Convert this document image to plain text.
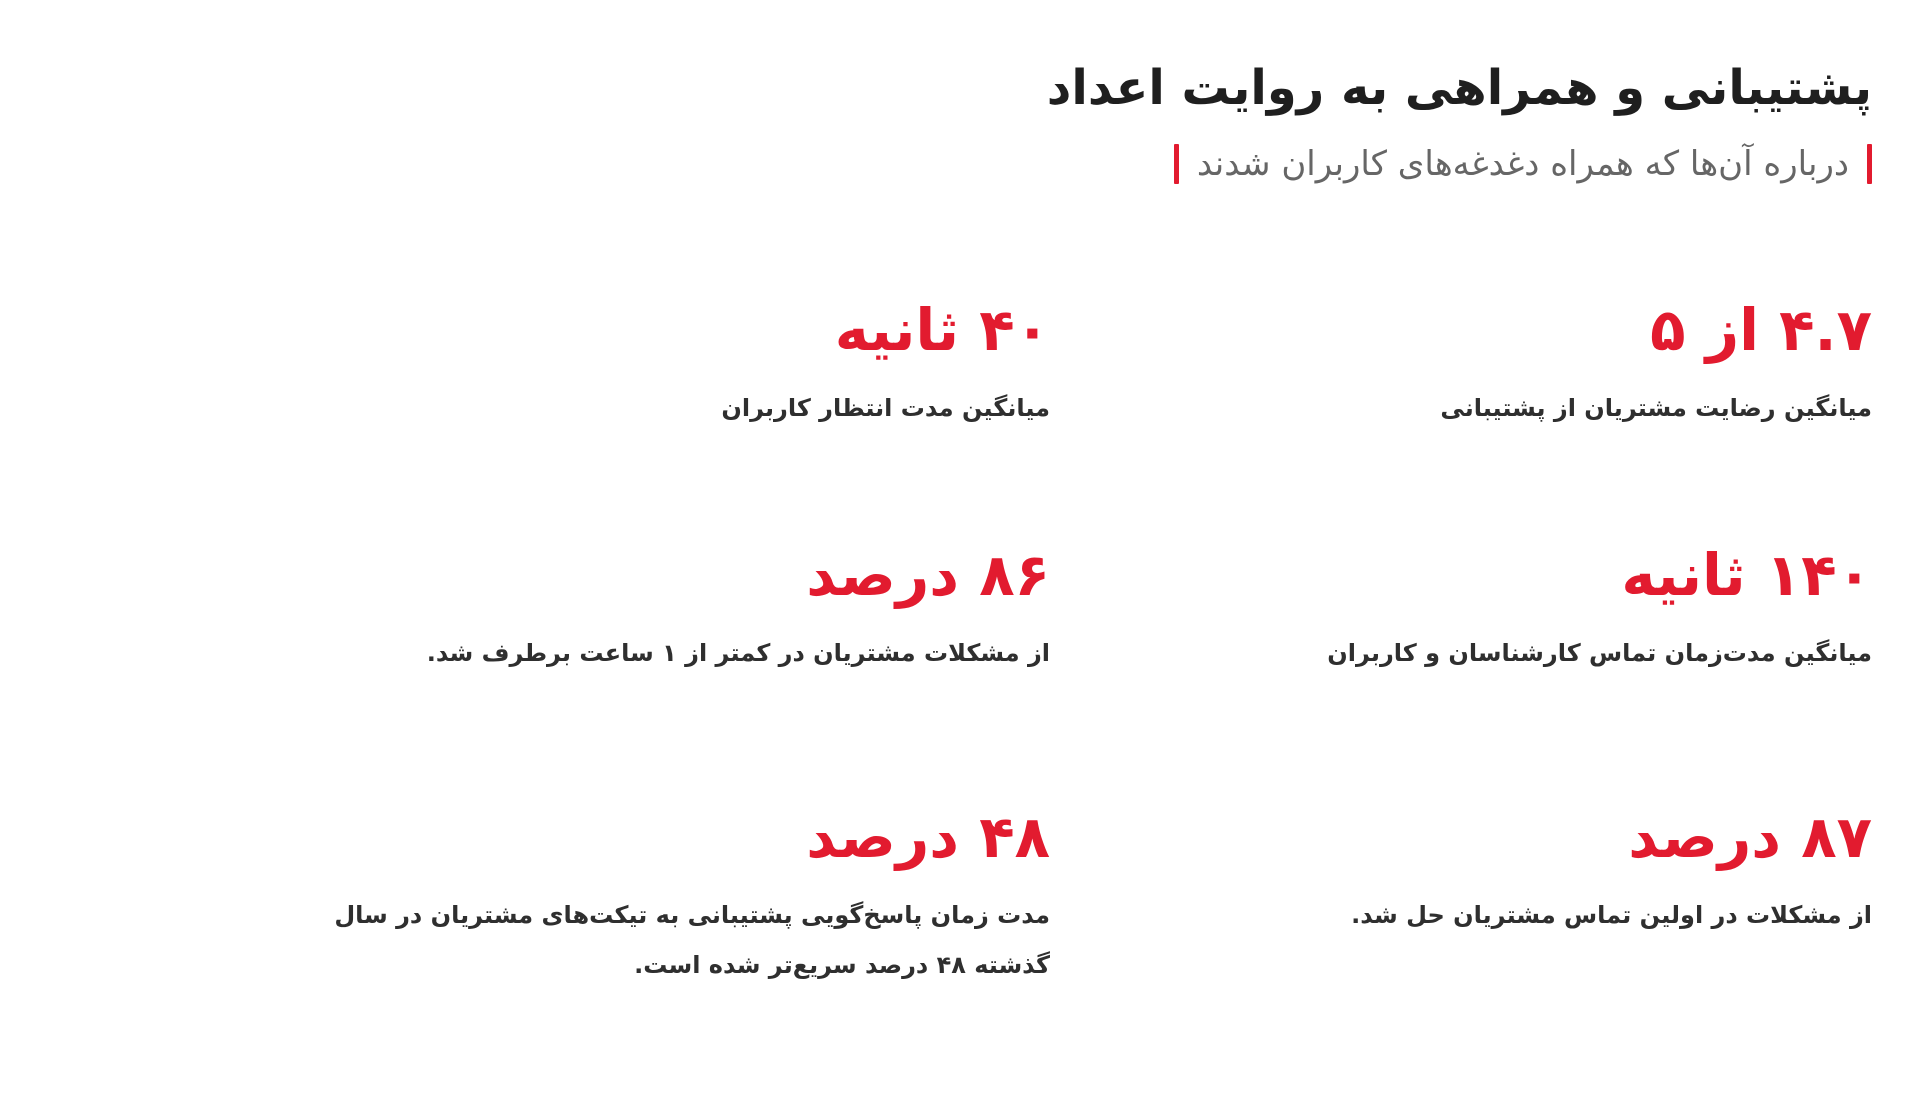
پشتیبانی و همراهی به روایت اعداد
درباره آن‌ها که همراه دغدغه‌های کاربران شدند
۴.۷ از ۵
میانگین رضایت مشتریان از پشتیبانی
۴۰ ثانیه
میانگین مدت انتظار کاربران
۱۴۰ ثانیه
میانگین مدت‌زمان تماس کارشناسان و کاربران
۸۶ درصد
از مشکلات مشتریان در کمتر از ۱ ساعت برطرف شد.
۸۷ درصد
از مشکلات در اولین تماس مشتریان حل شد.
۴۸ درصد
مدت زمان پاسخ‌گویی پشتیبانی به تیکت‌های مشتریان در سال گذشته ۴۸ درصد سریع‌تر شده است.
